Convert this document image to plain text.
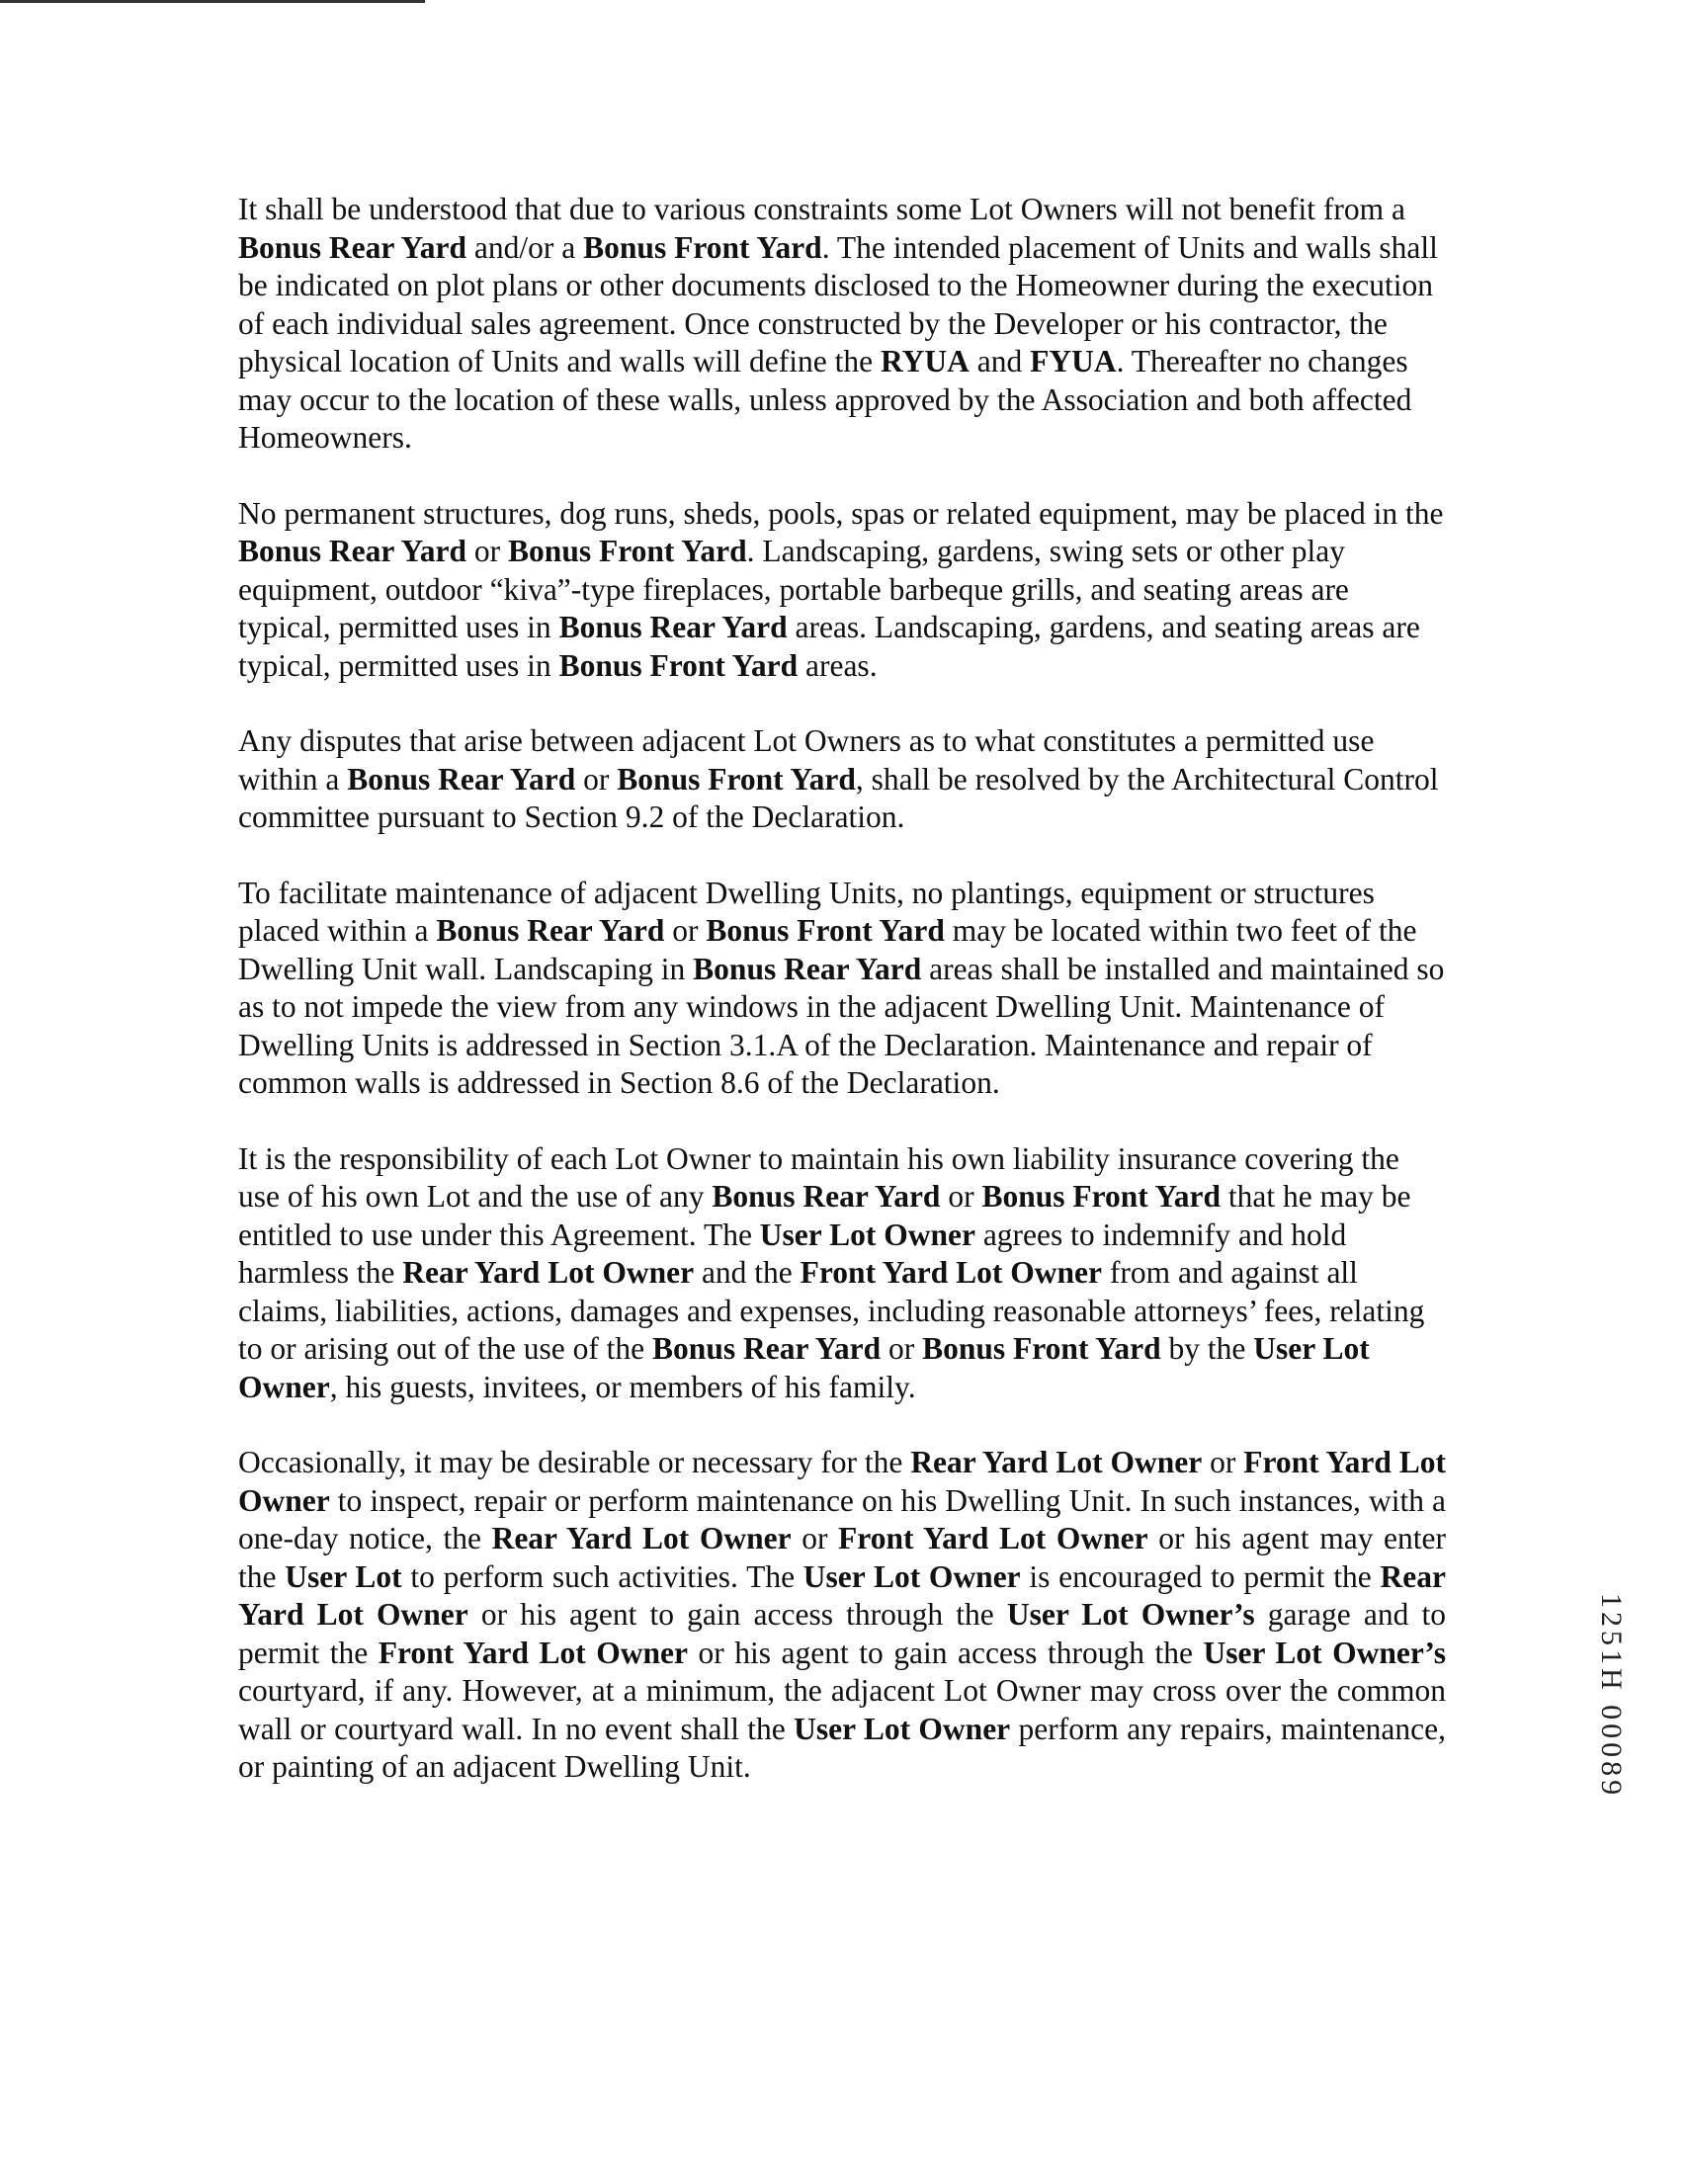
It shall be understood that due to various constraints some Lot Owners will not benefit from a Bonus Rear Yard and/or a Bonus Front Yard. The intended placement of Units and walls shall be indicated on plot plans or other documents disclosed to the Homeowner during the execution of each individual sales agreement. Once constructed by the Developer or his contractor, the physical location of Units and walls will define the RYUA and FYUA. Thereafter no changes may occur to the location of these walls, unless approved by the Association and both affected Homeowners.

No permanent structures, dog runs, sheds, pools, spas or related equipment, may be placed in the Bonus Rear Yard or Bonus Front Yard. Landscaping, gardens, swing sets or other play equipment, outdoor “kiva”-type fireplaces, portable barbeque grills, and seating areas are typical, permitted uses in Bonus Rear Yard areas. Landscaping, gardens, and seating areas are typical, permitted uses in Bonus Front Yard areas.

Any disputes that arise between adjacent Lot Owners as to what constitutes a permitted use within a Bonus Rear Yard or Bonus Front Yard, shall be resolved by the Architectural Control committee pursuant to Section 9.2 of the Declaration.

To facilitate maintenance of adjacent Dwelling Units, no plantings, equipment or structures placed within a Bonus Rear Yard or Bonus Front Yard may be located within two feet of the Dwelling Unit wall. Landscaping in Bonus Rear Yard areas shall be installed and maintained so as to not impede the view from any windows in the adjacent Dwelling Unit. Maintenance of Dwelling Units is addressed in Section 3.1.A of the Declaration. Maintenance and repair of common walls is addressed in Section 8.6 of the Declaration.

It is the responsibility of each Lot Owner to maintain his own liability insurance covering the use of his own Lot and the use of any Bonus Rear Yard or Bonus Front Yard that he may be entitled to use under this Agreement. The User Lot Owner agrees to indemnify and hold harmless the Rear Yard Lot Owner and the Front Yard Lot Owner from and against all claims, liabilities, actions, damages and expenses, including reasonable attorneys’ fees, relating to or arising out of the use of the Bonus Rear Yard or Bonus Front Yard by the User Lot Owner, his guests, invitees, or members of his family.

Occasionally, it may be desirable or necessary for the Rear Yard Lot Owner or Front Yard Lot Owner to inspect, repair or perform maintenance on his Dwelling Unit. In such instances, with a one-day notice, the Rear Yard Lot Owner or Front Yard Lot Owner or his agent may enter the User Lot to perform such activities. The User Lot Owner is encouraged to permit the Rear Yard Lot Owner or his agent to gain access through the User Lot Owner’s garage and to permit the Front Yard Lot Owner or his agent to gain access through the User Lot Owner’s courtyard, if any. However, at a minimum, the adjacent Lot Owner may cross over the common wall or courtyard wall. In no event shall the User Lot Owner perform any repairs, maintenance, or painting of an adjacent Dwelling Unit.	1251H 00089
